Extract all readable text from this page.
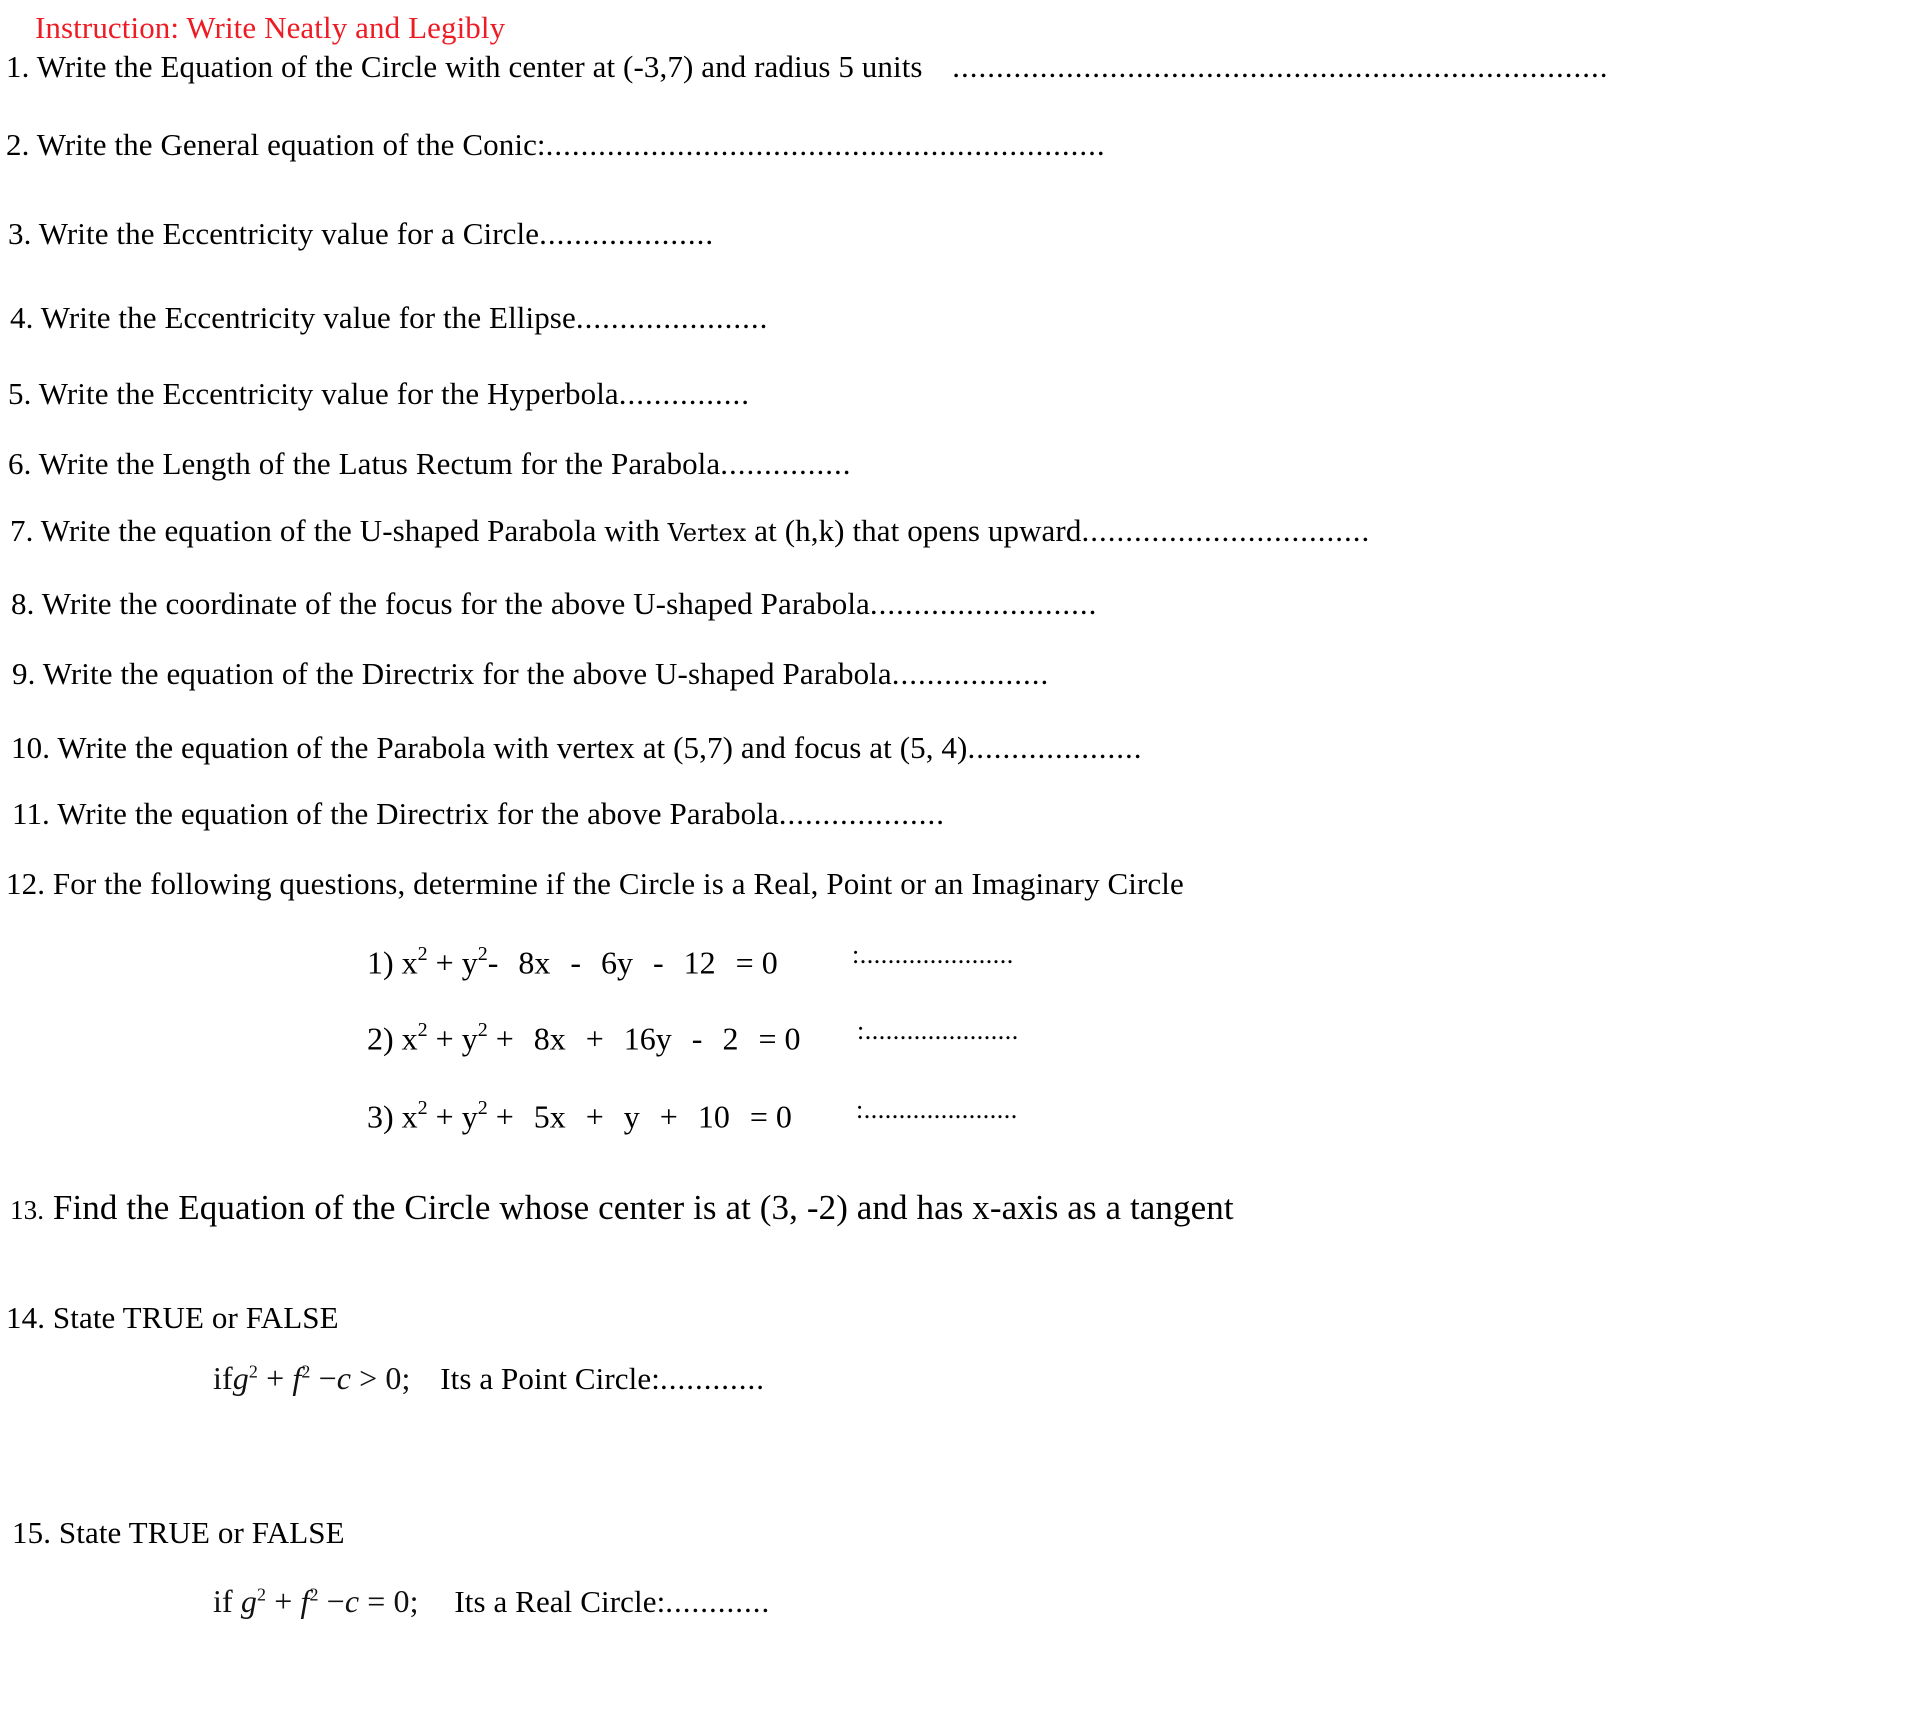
Instruction: Write Neatly and Legibly
1. Write the Equation of the Circle with center at (-3,7) and radius 5 units ...........................................................................
2. Write the General equation of the Conic:................................................................
3. Write the Eccentricity value for a Circle....................
4. Write the Eccentricity value for the Ellipse......................
5. Write the Eccentricity value for the Hyperbola...............
6. Write the Length of the Latus Rectum for the Parabola...............
7. Write the equation of the U-shaped Parabola with Vertex at (h,k) that opens upward.................................
8. Write the coordinate of the focus for the above U-shaped Parabola..........................
9. Write the equation of the Directrix for the above U-shaped Parabola..................
10. Write the equation of the Parabola with vertex at (5,7) and focus at (5, 4)....................
11. Write the equation of the Directrix for the above Parabola...................
12. For the following questions, determine if the Circle is a Real, Point or an Imaginary Circle
1) $x^2 + y^2-$ 8x - 6y - 12 = 0	:......................
2) $x^2 + y^2 + 8x + 16y - 2 = 0$ :......................
3) $x^2 + y^2 + 5x + y + 10 = 0$ :......................
13. Find the Equation of the Circle whose center is at (3, -2) and has x-axis as a tangent
14. State TRUE or FALSE
$ifg^2 + f^2 -c > 0$; Its a Point Circle:............
15. State TRUE or FALSE
if $g^2 + f^2 -c = 0$; Its a Real Circle:............
